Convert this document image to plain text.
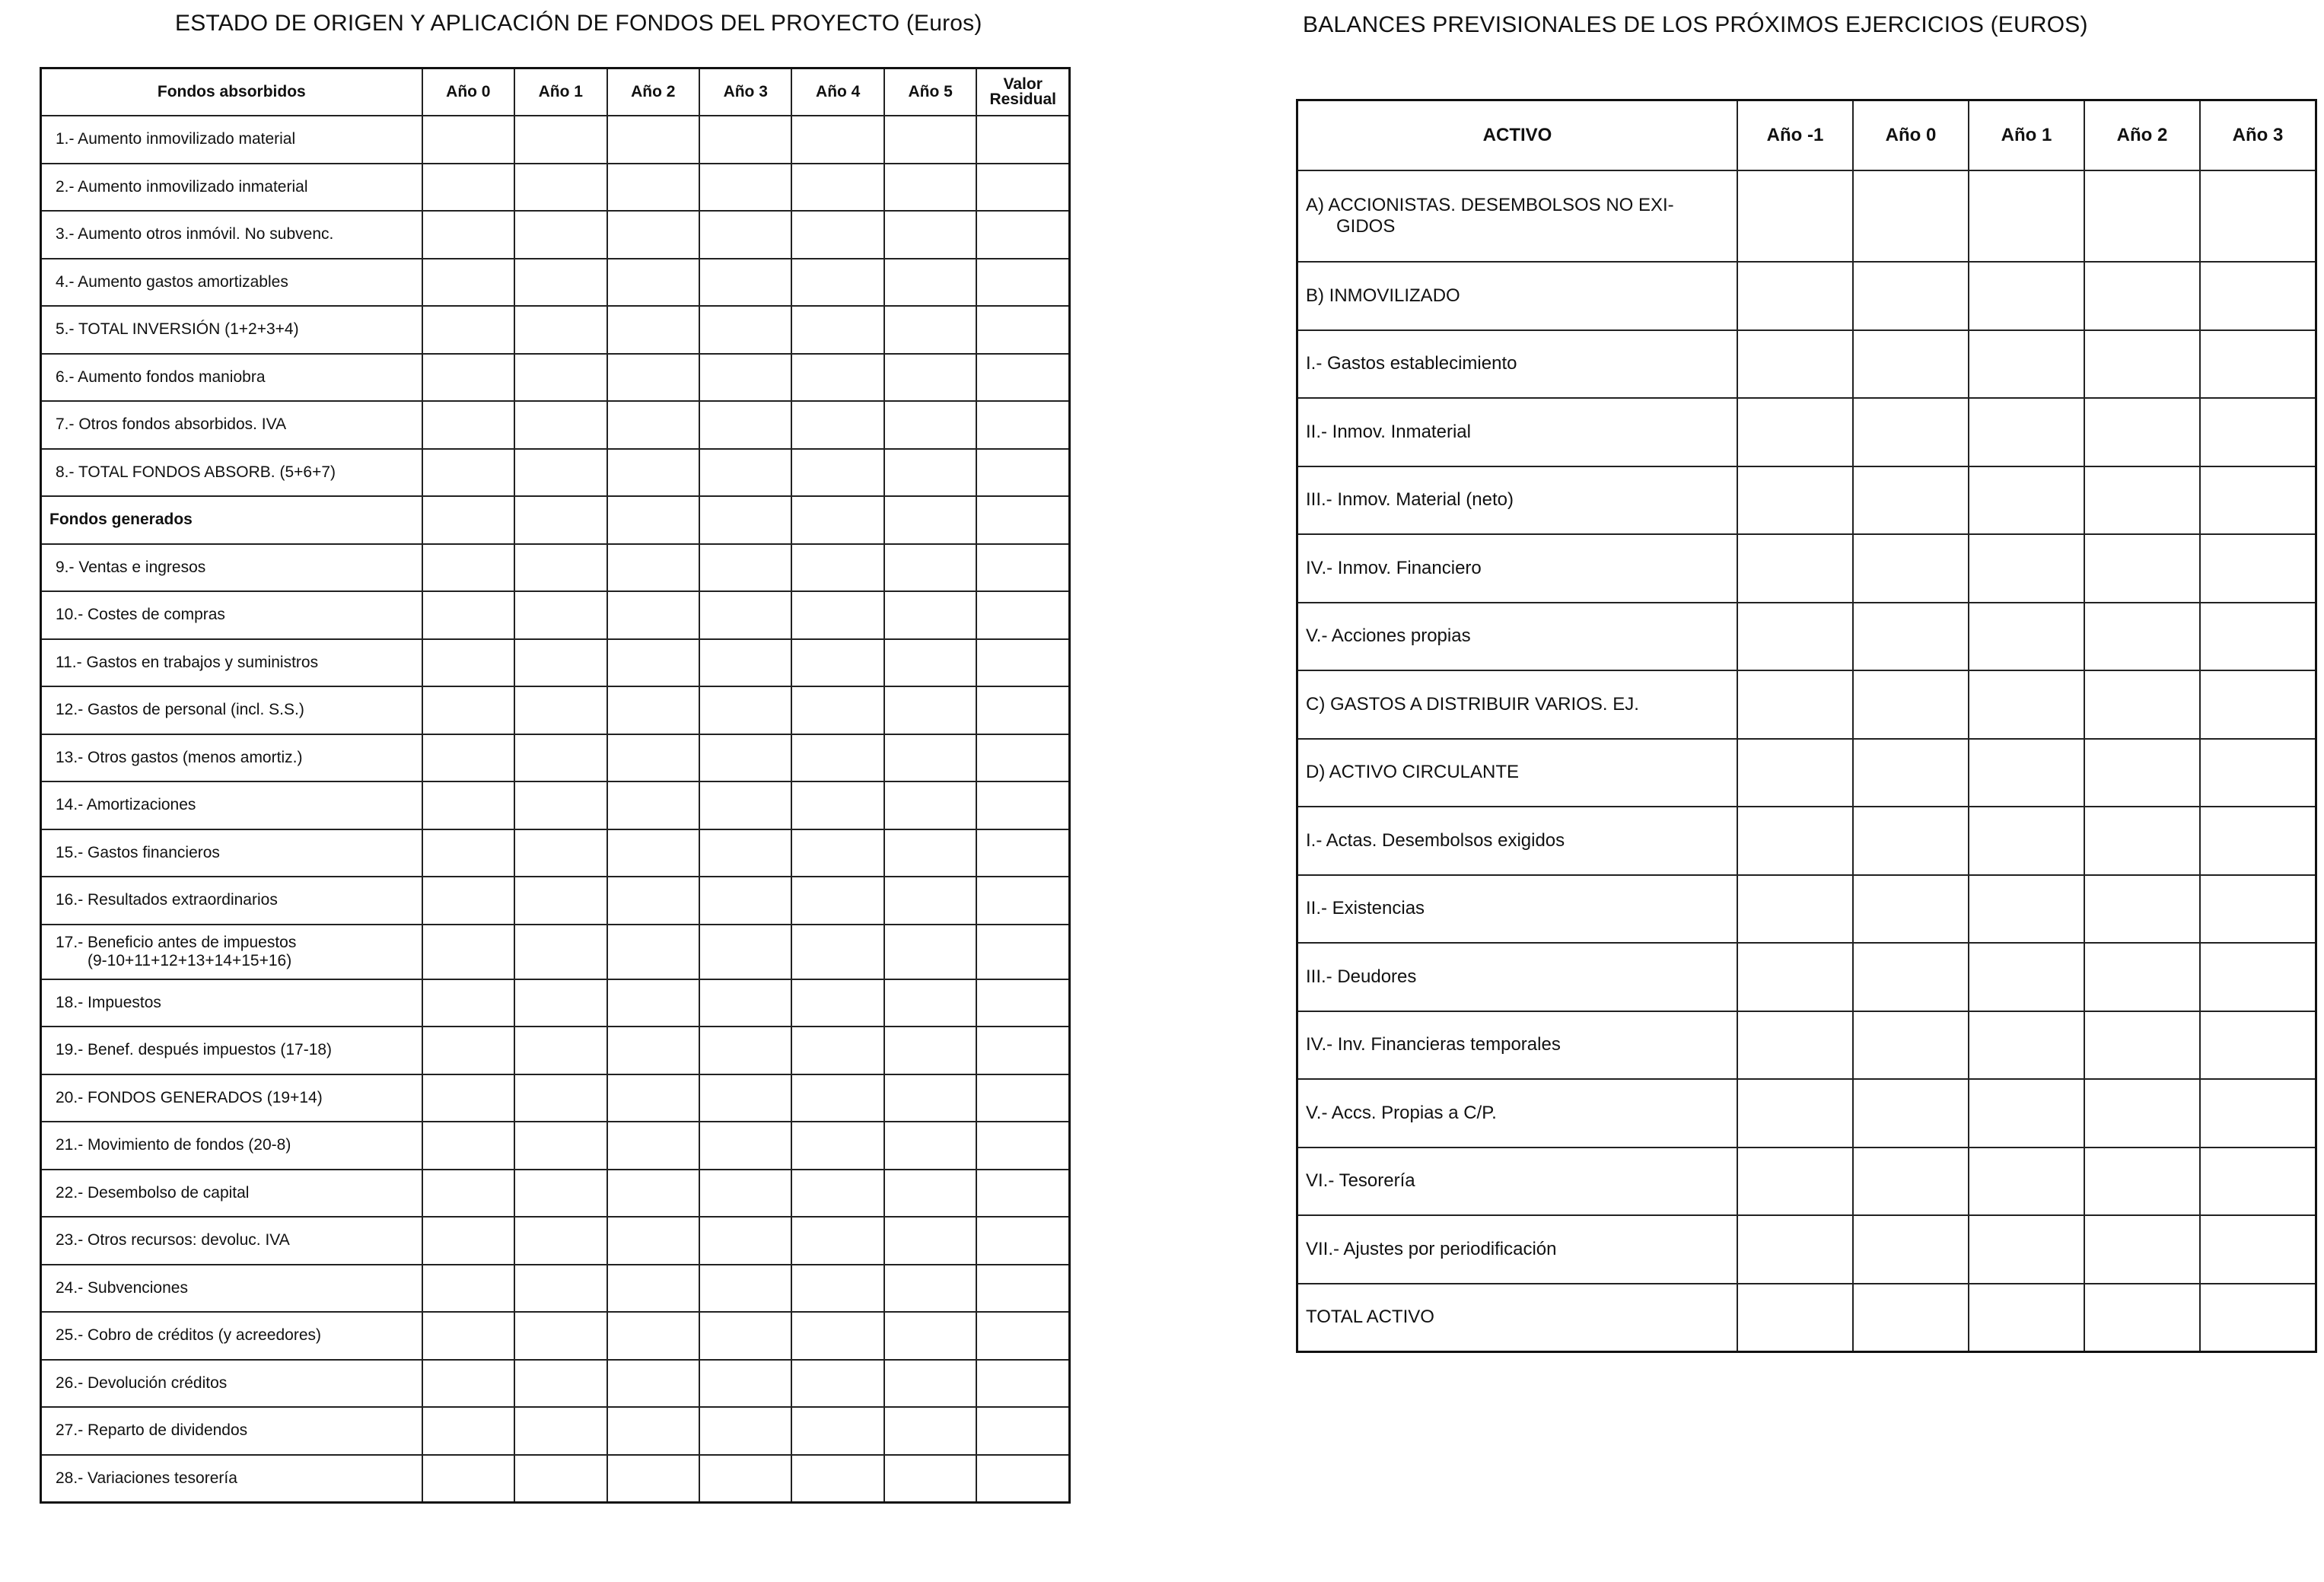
ESTADO DE ORIGEN Y APLICACIÓN DE FONDOS DEL PROYECTO (Euros)
Fondos absorbidos	Año 0	Año 1	Año 2	Año 3	Año 4	Año 5	Valor Residual
1.- Aumento inmovilizado material							
2.- Aumento inmovilizado inmaterial							
3.- Aumento otros inmóvil. No subvenc.							
4.- Aumento gastos amortizables							
5.- TOTAL INVERSIÓN (1+2+3+4)							
6.- Aumento fondos maniobra							
7.- Otros fondos absorbidos. IVA							
8.- TOTAL FONDOS ABSORB. (5+6+7)							
Fondos generados							
9.- Ventas e ingresos							
10.- Costes de compras							
11.- Gastos en trabajos y suministros							
12.- Gastos de personal (incl. S.S.)							
13.- Otros gastos (menos amortiz.)							
14.- Amortizaciones							
15.- Gastos financieros							
16.- Resultados extraordinarios							
17.- Beneficio antes de impuestos
(9-10+11+12+13+14+15+16)							

18.- Impuestos							
19.- Benef. después impuestos (17-18)							
20.- FONDOS GENERADOS (19+14)							
21.- Movimiento de fondos (20-8)							
22.- Desembolso de capital							
23.- Otros recursos: devoluc. IVA							
24.- Subvenciones							
25.- Cobro de créditos (y acreedores)							
26.- Devolución créditos							
27.- Reparto de dividendos							
28.- Variaciones tesorería							
BALANCES PREVISIONALES DE LOS PRÓXIMOS EJERCICIOS (EUROS)
ACTIVO	Año -1	Año 0	Año 1	Año 2	Año 3
A) ACCIONISTAS. DESEMBOLSOS NO EXI-
GIDOS					

B) INMOVILIZADO					
I.- Gastos establecimiento					
II.- Inmov. Inmaterial					
III.- Inmov. Material (neto)					
IV.- Inmov. Financiero					
V.- Acciones propias					
C) GASTOS A DISTRIBUIR VARIOS. EJ.					
D) ACTIVO CIRCULANTE					
I.- Actas. Desembolsos exigidos					
II.- Existencias					
III.- Deudores					
IV.- Inv. Financieras temporales					
V.- Accs. Propias a C/P.					
VI.- Tesorería					
VII.- Ajustes por periodificación					
TOTAL ACTIVO					
